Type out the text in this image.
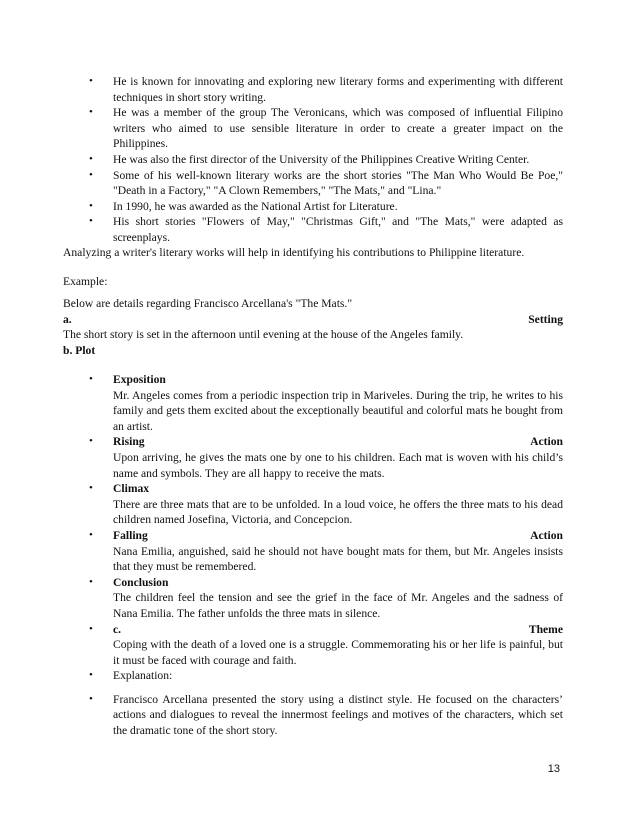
• He is known for innovating and exploring new literary forms and experimenting with different techniques in short story writing.
• He was a member of the group The Veronicans, which was composed of influential Filipino writers who aimed to use sensible literature in order to create a greater impact on the Philippines.
• He was also the first director of the University of the Philippines Creative Writing Center.
• Some of his well-known literary works are the short stories "The Man Who Would Be Poe," "Death in a Factory," "A Clown Remembers," "The Mats," and "Lina."
• In 1990, he was awarded as the National Artist for Literature.
• His short stories "Flowers of May," "Christmas Gift," and "The Mats," were adapted as screenplays.
Analyzing a writer's literary works will help in identifying his contributions to Philippine literature.
Example:
Below are details regarding Francisco Arcellana's "The Mats."
a.	Setting
The short story is set in the afternoon until evening at the house of the Angeles family.
b. Plot
• Exposition
Mr. Angeles comes from a periodic inspection trip in Mariveles. During the trip, he writes to his family and gets them excited about the exceptionally beautiful and colorful mats he bought from an artist.
• Rising	Action
Upon arriving, he gives the mats one by one to his children. Each mat is woven with his child’s name and symbols. They are all happy to receive the mats.
• Climax
There are three mats that are to be unfolded. In a loud voice, he offers the three mats to his dead children named Josefina, Victoria, and Concepcion.
• Falling	Action
Nana Emilia, anguished, said he should not have bought mats for them, but Mr. Angeles insists that they must be remembered.
• Conclusion
The children feel the tension and see the grief in the face of Mr. Angeles and the sadness of Nana Emilia. The father unfolds the three mats in silence.
• c.	Theme
Coping with the death of a loved one is a struggle. Commemorating his or her life is painful, but it must be faced with courage and faith.
• Explanation:
• Francisco Arcellana presented the story using a distinct style. He focused on the characters’ actions and dialogues to reveal the innermost feelings and motives of the characters, which set the dramatic tone of the short story.
13
